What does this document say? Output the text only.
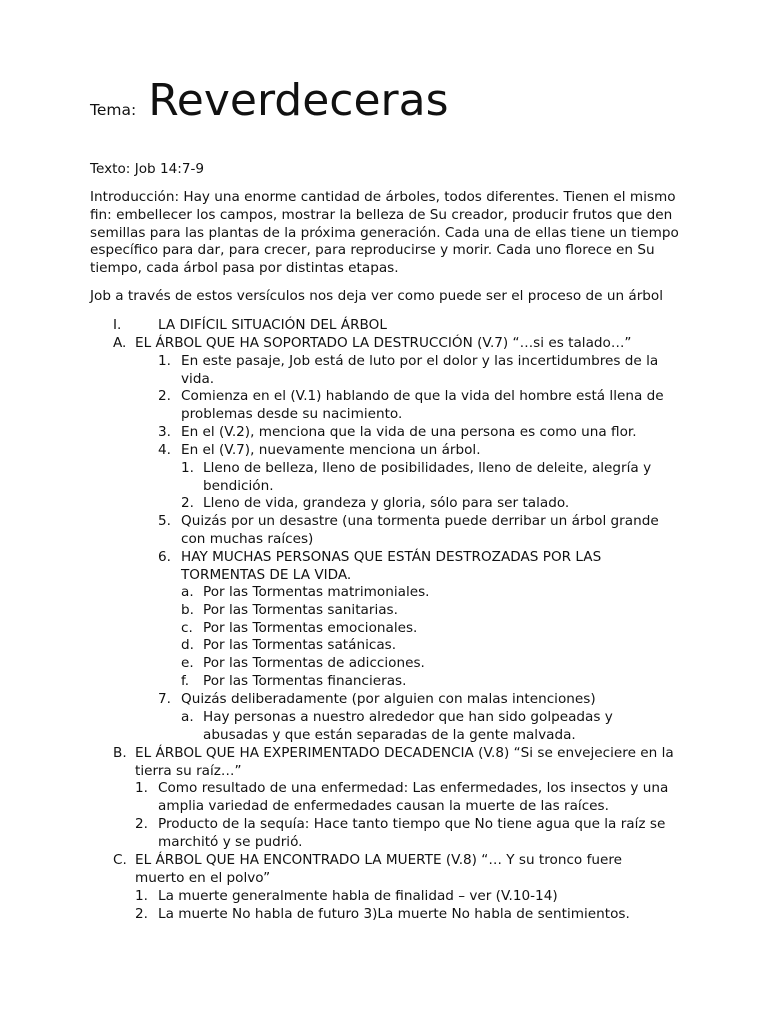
Tema: Reverdeceras
Texto: Job 14:7-9
Introducción: Hay una enorme cantidad de árboles, todos diferentes. Tienen el mismo fin: embellecer los campos, mostrar la belleza de Su creador, producir frutos que den semillas para las plantas de la próxima generación. Cada una de ellas tiene un tiempo específico para dar, para crecer, para reproducirse y morir. Cada uno florece en Su tiempo, cada árbol pasa por distintas etapas.
Job a través de estos versículos nos deja ver como puede ser el proceso de un árbol
I.	LA DIFÍCIL SITUACIÓN DEL ÁRBOL
A. EL ÁRBOL QUE HA SOPORTADO LA DESTRUCCIÓN (V.7) “…si es talado…”
1. En este pasaje, Job está de luto por el dolor y las incertidumbres de la vida.
2. Comienza en el (V.1) hablando de que la vida del hombre está llena de problemas desde su nacimiento.
3. En el (V.2), menciona que la vida de una persona es como una flor.
4. En el (V.7), nuevamente menciona un árbol.
1. Lleno de belleza, lleno de posibilidades, lleno de deleite, alegría y bendición.
2. Lleno de vida, grandeza y gloria, sólo para ser talado.
5. Quizás por un desastre (una tormenta puede derribar un árbol grande con muchas raíces)
6. HAY MUCHAS PERSONAS QUE ESTÁN DESTROZADAS POR LAS TORMENTAS DE LA VIDA.
a. Por las Tormentas matrimoniales.
b. Por las Tormentas sanitarias.
c. Por las Tormentas emocionales.
d. Por las Tormentas satánicas.
e. Por las Tormentas de adicciones.
f. Por las Tormentas financieras.
7. Quizás deliberadamente (por alguien con malas intenciones)
a. Hay personas a nuestro alrededor que han sido golpeadas y abusadas y que están separadas de la gente malvada.
B. EL ÁRBOL QUE HA EXPERIMENTADO DECADENCIA (V.8) “Si se envejeciere en la tierra su raíz…”
1. Como resultado de una enfermedad: Las enfermedades, los insectos y una amplia variedad de enfermedades causan la muerte de las raíces.
2. Producto de la sequía: Hace tanto tiempo que No tiene agua que la raíz se marchitó y se pudrió.
C. EL ÁRBOL QUE HA ENCONTRADO LA MUERTE (V.8) “… Y su tronco fuere muerto en el polvo”
1. La muerte generalmente habla de finalidad – ver (V.10-14)
2. La muerte No habla de futuro 3)La muerte No habla de sentimientos.
